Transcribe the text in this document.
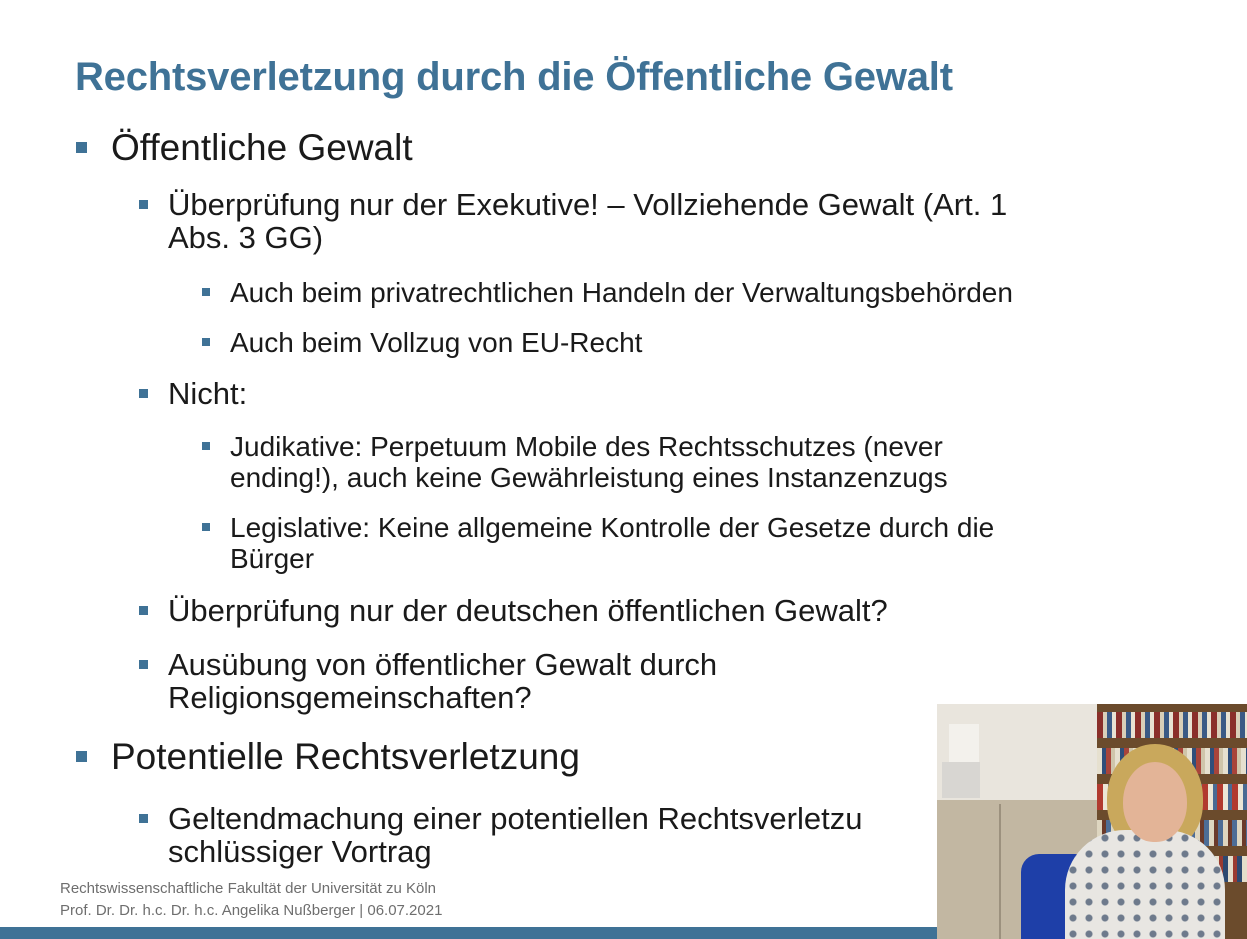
Rechtsverletzung durch die Öffentliche Gewalt
Öffentliche Gewalt
Überprüfung nur der Exekutive! – Vollziehende Gewalt (Art. 1
Abs. 3 GG)
Auch beim privatrechtlichen Handeln der Verwaltungsbehörden
Auch beim Vollzug von EU-Recht
Nicht:
Judikative: Perpetuum Mobile des Rechtsschutzes (never
ending!), auch keine Gewährleistung eines Instanzenzugs
Legislative: Keine allgemeine Kontrolle der Gesetze durch die
Bürger
Überprüfung nur der deutschen öffentlichen Gewalt?
Ausübung von öffentlicher Gewalt durch
Religionsgemeinschaften?
Potentielle Rechtsverletzung
Geltendmachung einer potentiellen Rechtsverletzu
schlüssiger Vortrag
Rechtswissenschaftliche Fakultät der Universität zu Köln
Prof. Dr. Dr. h.c. Dr. h.c. Angelika Nußberger | 06.07.2021
